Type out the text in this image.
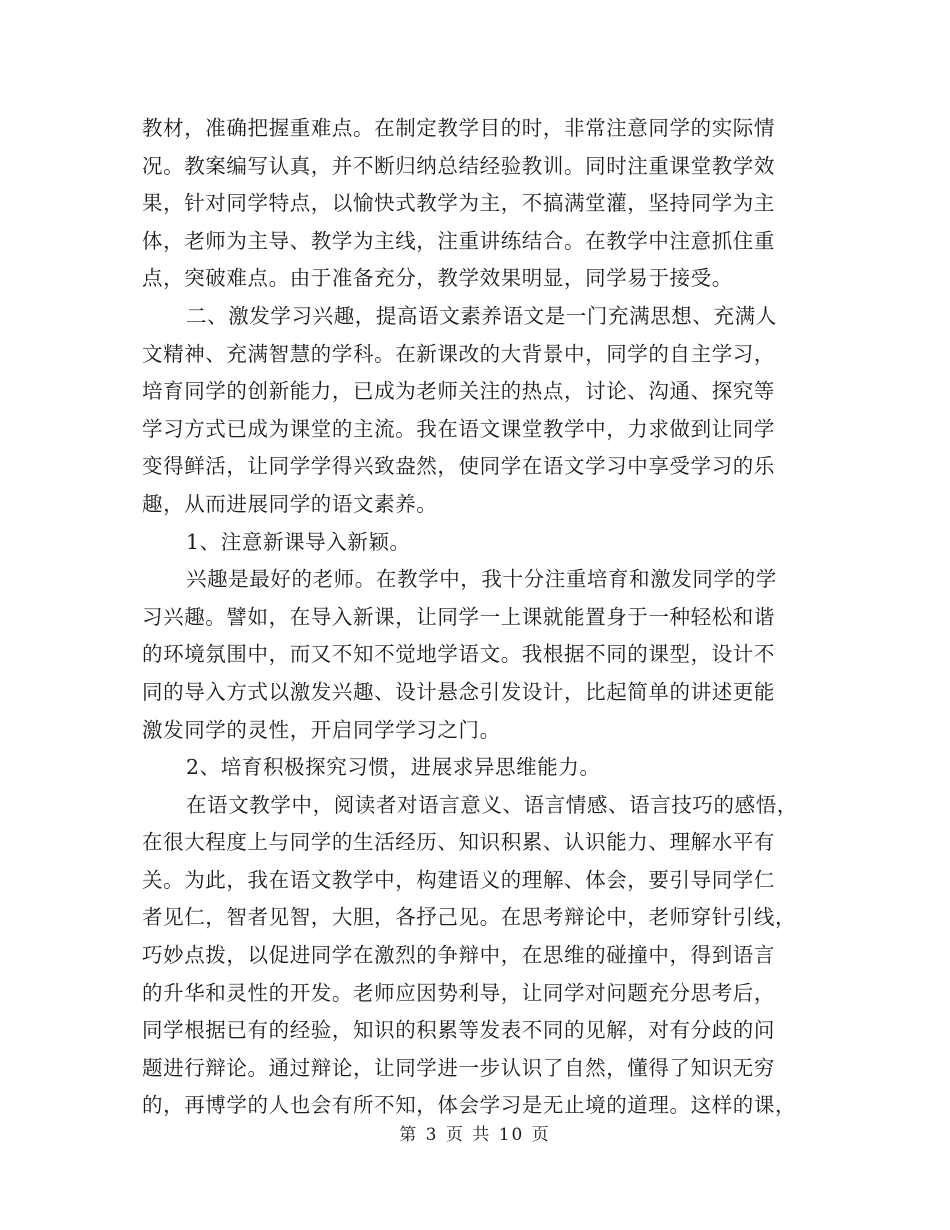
教材，准确把握重难点。在制定教学目的时，非常注意同学的实际情
况。教案编写认真，并不断归纳总结经验教训。同时注重课堂教学效
果，针对同学特点，以愉快式教学为主，不搞满堂灌，坚持同学为主
体，老师为主导、教学为主线，注重讲练结合。在教学中注意抓住重
点，突破难点。由于准备充分，教学效果明显，同学易于接受。
二、激发学习兴趣，提高语文素养语文是一门充满思想、充满人
文精神、充满智慧的学科。在新课改的大背景中，同学的自主学习，
培育同学的创新能力，已成为老师关注的热点，讨论、沟通、探究等
学习方式已成为课堂的主流。我在语文课堂教学中，力求做到让同学
变得鲜活，让同学学得兴致盎然，使同学在语文学习中享受学习的乐
趣，从而进展同学的语文素养。
1、注意新课导入新颖。
兴趣是最好的老师。在教学中，我十分注重培育和激发同学的学
习兴趣。譬如，在导入新课，让同学一上课就能置身于一种轻松和谐
的环境氛围中，而又不知不觉地学语文。我根据不同的课型，设计不
同的导入方式以激发兴趣、设计悬念引发设计，比起简单的讲述更能
激发同学的灵性，开启同学学习之门。
2、培育积极探究习惯，进展求异思维能力。
在语文教学中，阅读者对语言意义、语言情感、语言技巧的感悟，
在很大程度上与同学的生活经历、知识积累、认识能力、理解水平有
关。为此，我在语文教学中，构建语义的理解、体会，要引导同学仁
者见仁，智者见智，大胆，各抒己见。在思考辩论中，老师穿针引线，
巧妙点拨，以促进同学在激烈的争辩中，在思维的碰撞中，得到语言
的升华和灵性的开发。老师应因势利导，让同学对问题充分思考后，
同学根据已有的经验，知识的积累等发表不同的见解，对有分歧的问
题进行辩论。通过辩论，让同学进一步认识了自然，懂得了知识无穷
的，再博学的人也会有所不知，体会学习是无止境的道理。这样的课，
第 3 页 共 10 页
